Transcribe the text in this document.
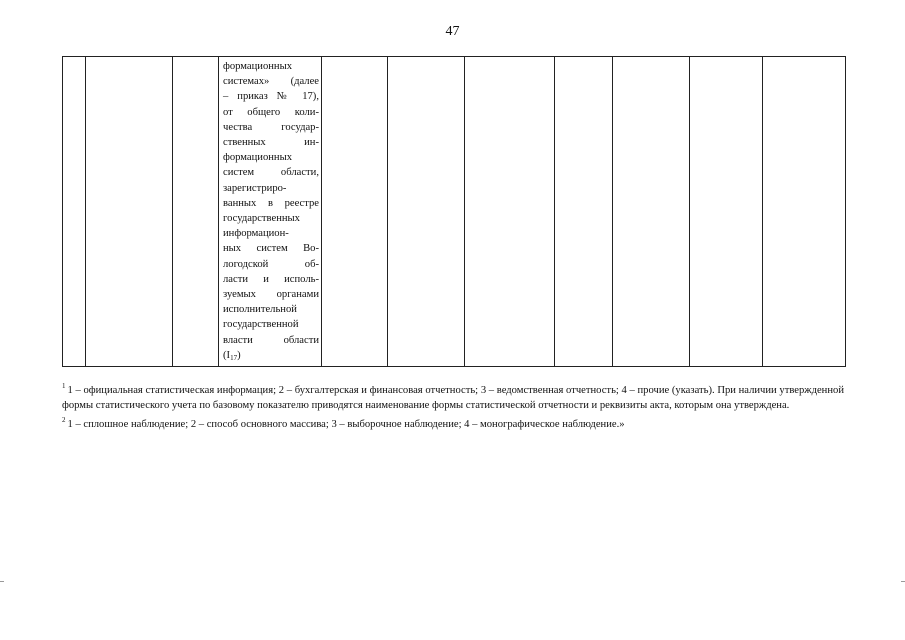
47

формационных
системах» (далее
– приказ № 17),
от общего коли-
чества государ-
ственных ин-
формационных
систем области,
зарегистриро-
ванных в реестре
государственных
информацион-
ных систем Во-
логодской об-
ласти и исполь-
зуемых органами
исполнительной
государственной
власти области
$(I_{17})$

$^1$ 1 – официальная статистическая информация; 2 – бухгалтерская и финансовая отчетность; 3 – ведомственная отчетность; 4 – прочие (указать). При наличии утвержденной формы статистического учета по базовому показателю приводятся наименование формы статистической отчетности и реквизиты акта, которым она утверждена.

$^2$ 1 – сплошное наблюдение; 2 – способ основного массива; 3 – выборочное наблюдение; 4 – монографическое наблюдение.»
